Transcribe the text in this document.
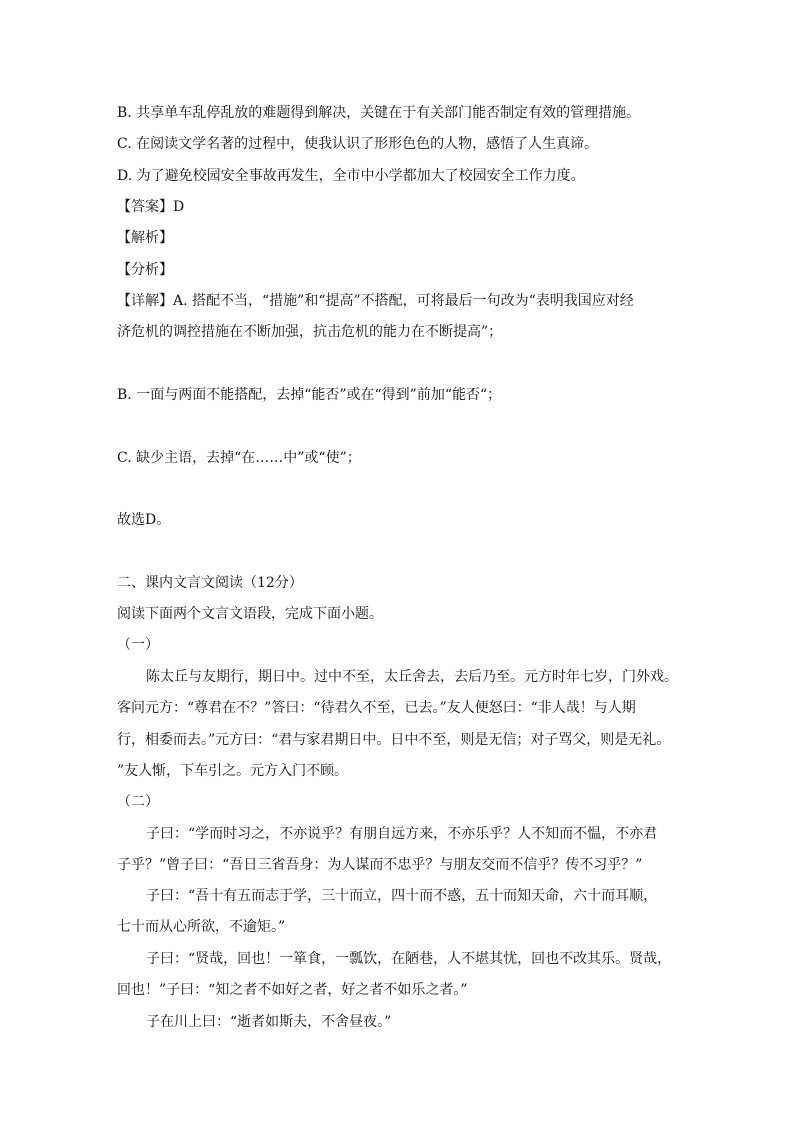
B. 共享单车乱停乱放的难题得到解决，关键在于有关部门能否制定有效的管理措施。
C. 在阅读文学名著的过程中，使我认识了形形色色的人物，感悟了人生真谛。
D. 为了避免校园安全事故再发生，全市中小学都加大了校园安全工作力度。
【答案】D
【解析】
【分析】
【详解】A. 搭配不当，“措施”和“提高”不搭配，可将最后一句改为“表明我国应对经
济危机的调控措施在不断加强，抗击危机的能力在不断提高”；
B. 一面与两面不能搭配，去掉“能否”或在“得到”前加“能否“；
C. 缺少主语，去掉“在……中”或“使”；
故选D。
二、课内文言文阅读（12分）
阅读下面两个文言文语段，完成下面小题。
（一）
陈太丘与友期行，期日中。过中不至，太丘舍去，去后乃至。元方时年七岁，门外戏。
客问元方：“尊君在不？”答曰：“待君久不至，已去。”友人便怒曰：“非人哉！与人期
行，相委而去。”元方曰：“君与家君期日中。日中不至，则是无信；对子骂父，则是无礼。
”友人惭，下车引之。元方入门不顾。
（二）
子曰：“学而时习之，不亦说乎？有朋自远方来，不亦乐乎？人不知而不愠，不亦君
子乎？”曾子曰：“吾日三省吾身：为人谋而不忠乎？与朋友交而不信乎？传不习乎？”
子曰：“吾十有五而志于学，三十而立，四十而不惑，五十而知天命，六十而耳顺，
七十而从心所欲，不逾矩。”
子曰：“贤哉，回也！一箪食，一瓢饮，在陋巷，人不堪其忧，回也不改其乐。贤哉，
回也！”子曰：“知之者不如好之者，好之者不如乐之者。”
子在川上曰：“逝者如斯夫，不舍昼夜。”
